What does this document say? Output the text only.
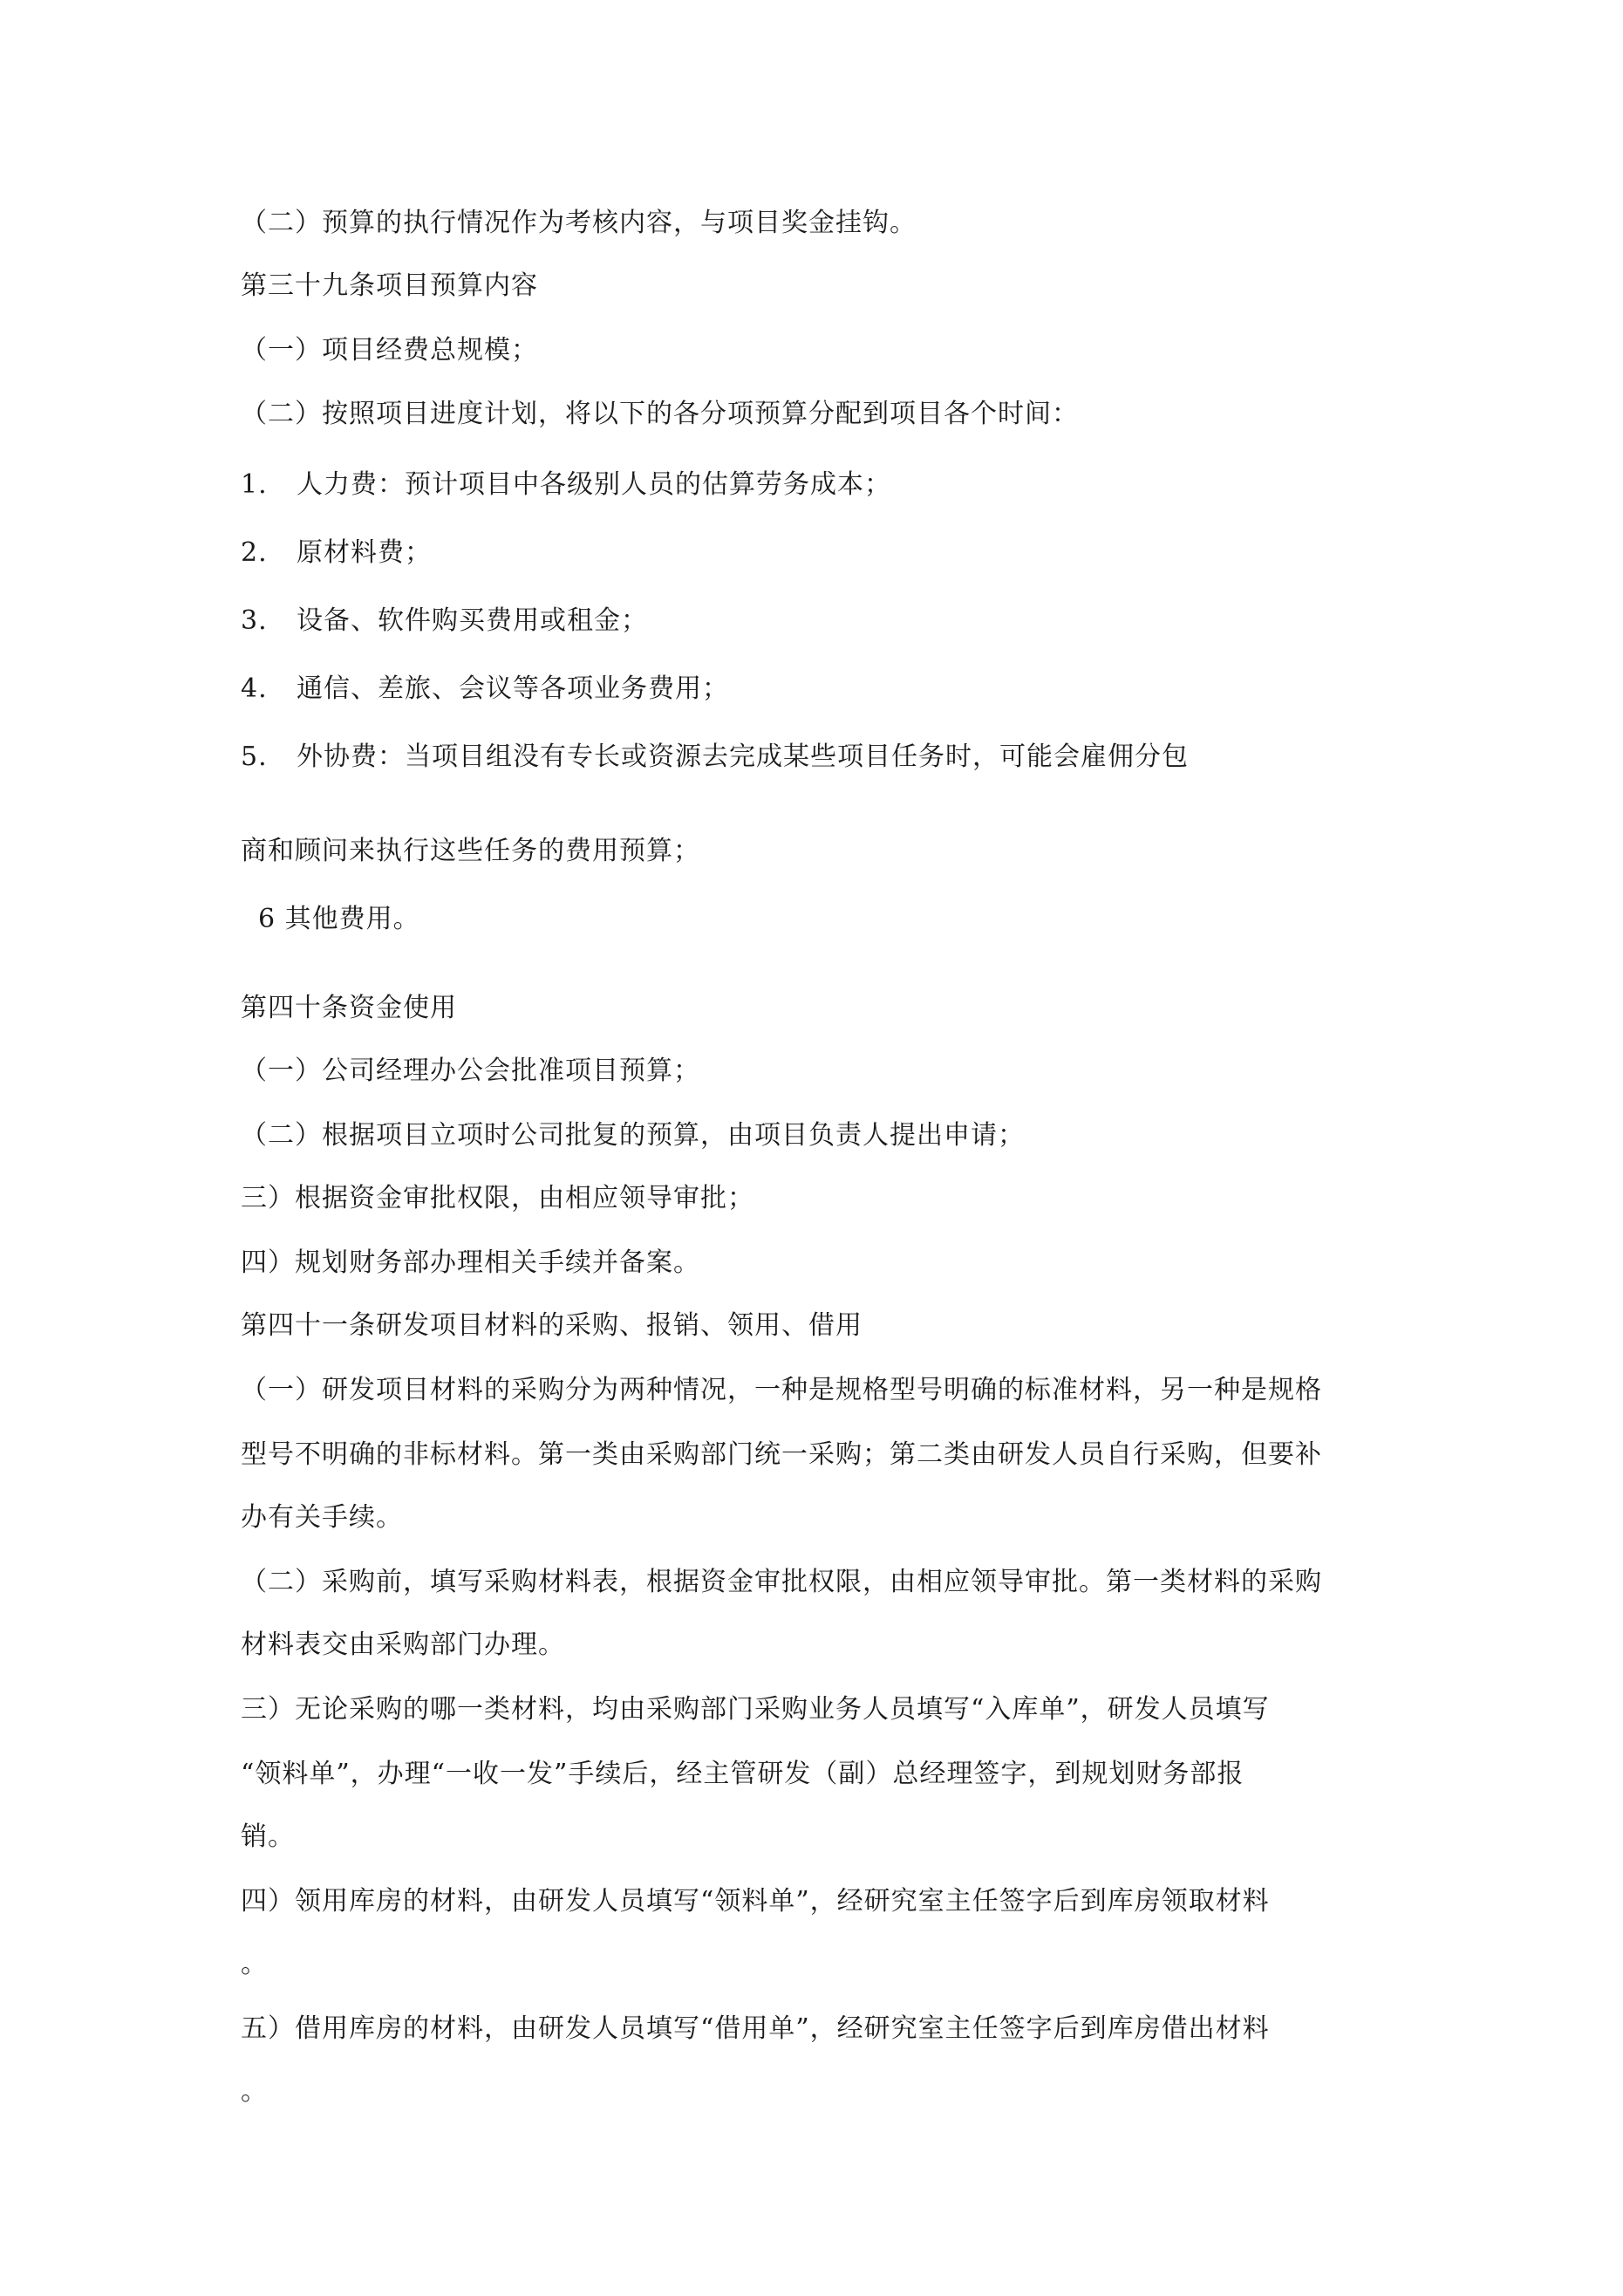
（二）预算的执行情况作为考核内容，与项目奖金挂钩。
第三十九条项目预算内容
（一）项目经费总规模；
（二）按照项目进度计划，将以下的各分项预算分配到项目各个时间：
1. 人力费：预计项目中各级别人员的估算劳务成本；
2. 原材料费；
3. 设备、软件购买费用或租金；
4. 通信、差旅、会议等各项业务费用；
5. 外协费：当项目组没有专长或资源去完成某些项目任务时，可能会雇佣分包
商和顾问来执行这些任务的费用预算；
6 其他费用。
第四十条资金使用
（一）公司经理办公会批准项目预算；
（二）根据项目立项时公司批复的预算，由项目负责人提出申请；
三）根据资金审批权限，由相应领导审批；
四）规划财务部办理相关手续并备案。
第四十一条研发项目材料的采购、报销、领用、借用
（一）研发项目材料的采购分为两种情况，一种是规格型号明确的标准材料，另一种是规格
型号不明确的非标材料。第一类由采购部门统一采购；第二类由研发人员自行采购，但要补
办有关手续。
（二）采购前，填写采购材料表，根据资金审批权限，由相应领导审批。第一类材料的采购
材料表交由采购部门办理。
三）无论采购的哪一类材料，均由采购部门采购业务人员填写“入库单”，研发人员填写
“领料单”，办理“一收一发”手续后，经主管研发（副）总经理签字，到规划财务部报
销。
四）领用库房的材料，由研发人员填写“领料单”，经研究室主任签字后到库房领取材料
。
五）借用库房的材料，由研发人员填写“借用单”，经研究室主任签字后到库房借出材料
。
